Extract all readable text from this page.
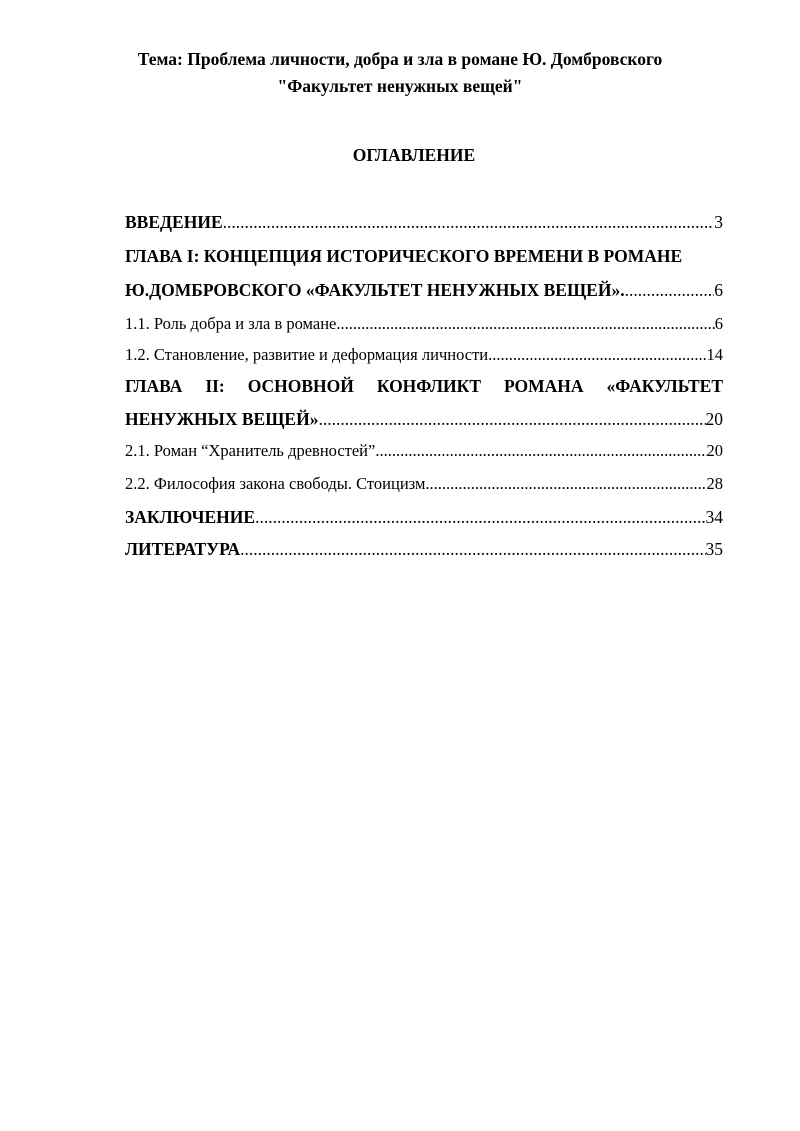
Тема: Проблема личности, добра и зла в романе Ю. Домбровского
"Факультет ненужных вещей"
ОГЛАВЛЕНИЕ
ВВЕДЕНИЕ .....	3
ГЛАВА I: КОНЦЕПЦИЯ ИСТОРИЧЕСКОГО ВРЕМЕНИ В РОМАНЕ
Ю.ДОМБРОВСКОГО «ФАКУЛЬТЕТ НЕНУЖНЫХ ВЕЩЕЙ». .....	6
1.1. Роль добра и зла в романе .....	6
1.2. Становление, развитие и деформация личности .....	14
ГЛАВА II: ОСНОВНОЙ КОНФЛИКТ РОМАНА «ФАКУЛЬТЕТ
НЕНУЖНЫХ ВЕЩЕЙ» .....	20
2.1. Роман “Хранитель древностей”. .....	20
2.2. Философия закона свободы. Стоицизм .....	28
ЗАКЛЮЧЕНИЕ .....	34
ЛИТЕРАТУРА .....	35
